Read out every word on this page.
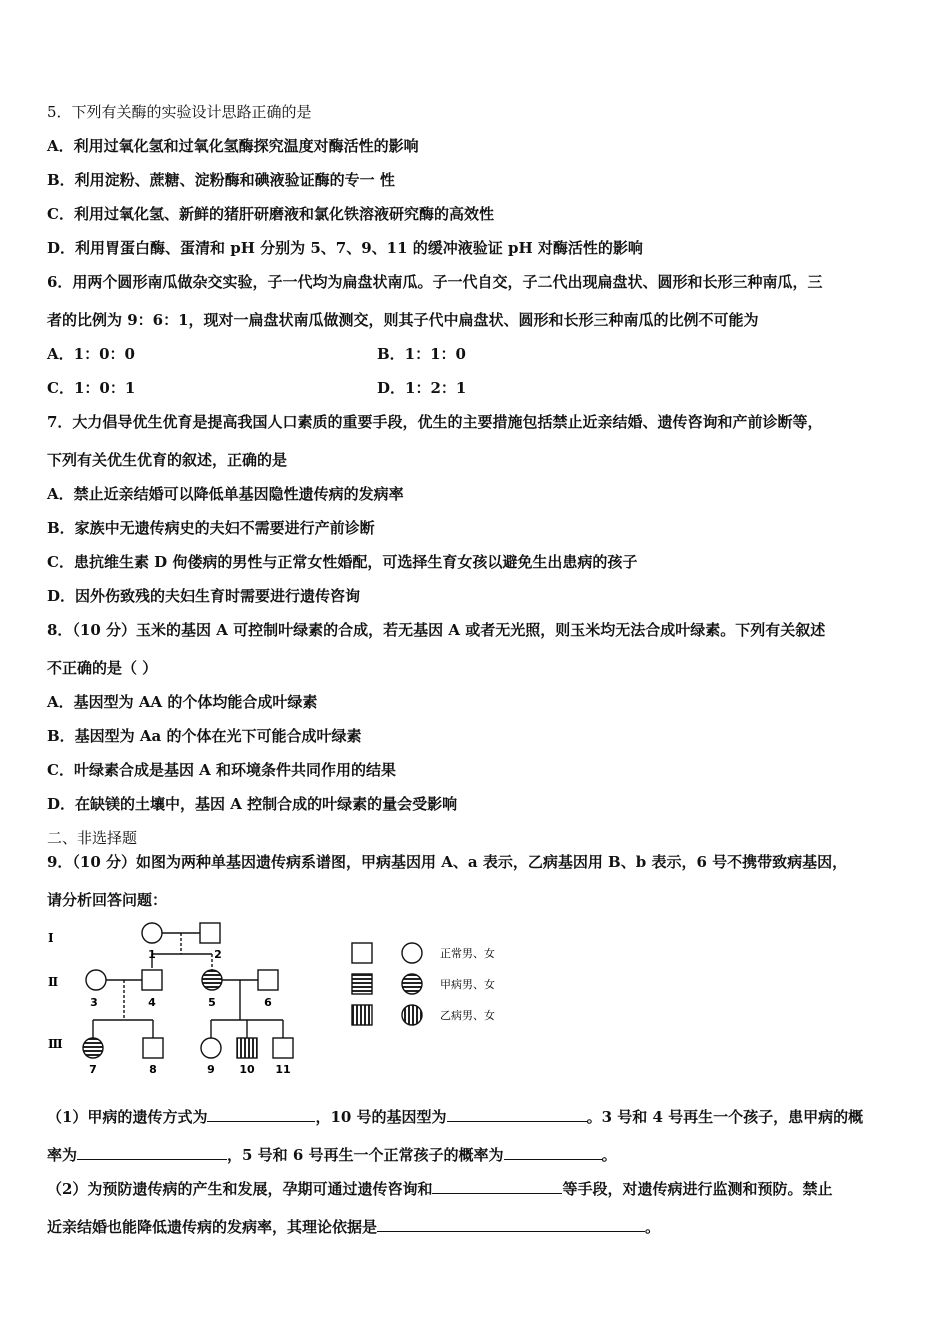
5．下列有关酶的实验设计思路正确的是
A．利用过氧化氢和过氧化氢酶探究温度对酶活性的影响
B．利用淀粉、蔗糖、淀粉酶和碘液验证酶的专一 性
C．利用过氧化氢、新鲜的猪肝研磨液和氯化铁溶液研究酶的高效性
D．利用胃蛋白酶、蛋清和 pH 分别为 5、7、9、11 的缓冲液验证 pH 对酶活性的影响
6．用两个圆形南瓜做杂交实验，子一代均为扁盘状南瓜。子一代自交，子二代出现扁盘状、圆形和长形三种南瓜，三
者的比例为 9：6：1，现对一扁盘状南瓜做测交，则其子代中扁盘状、圆形和长形三种南瓜的比例不可能为
A．1：0：0	B．1：1：0
C．1：0：1	D．1：2：1
7．大力倡导优生优育是提高我国人口素质的重要手段，优生的主要措施包括禁止近亲结婚、遗传咨询和产前诊断等，
下列有关优生优育的叙述，正确的是
A．禁止近亲结婚可以降低单基因隐性遗传病的发病率
B．家族中无遗传病史的夫妇不需要进行产前诊断
C．患抗维生素 D 佝偻病的男性与正常女性婚配，可选择生育女孩以避免生出患病的孩子
D．因外伤致残的夫妇生育时需要进行遗传咨询
8．（10 分）玉米的基因 A 可控制叶绿素的合成，若无基因 A 或者无光照，则玉米均无法合成叶绿素。下列有关叙述
不正确的是（ ）
A．基因型为 AA 的个体均能合成叶绿素
B．基因型为 Aa 的个体在光下可能合成叶绿素
C．叶绿素合成是基因 A 和环境条件共同作用的结果
D．在缺镁的土壤中，基因 A 控制合成的叶绿素的量会受影响
二、非选择题
9．（10 分）如图为两种单基因遗传病系谱图，甲病基因用 A、a 表示，乙病基因用 B、b 表示，6 号不携带致病基因，
请分析回答问题：
Ⅰ
Ⅱ
Ⅲ
1	2
3	4	5	6
7	8	9 10 11
正常男、女
甲病男、女
乙病男、女
（1）甲病的遗传方式为	，10 号的基因型为	。3 号和 4 号再生一个孩子，患甲病的概
率为	，5 号和 6 号再生一个正常孩子的概率为	。
（2）为预防遗传病的产生和发展，孕期可通过遗传咨询和	等手段，对遗传病进行监测和预防。禁止
近亲结婚也能降低遗传病的发病率，其理论依据是	。
